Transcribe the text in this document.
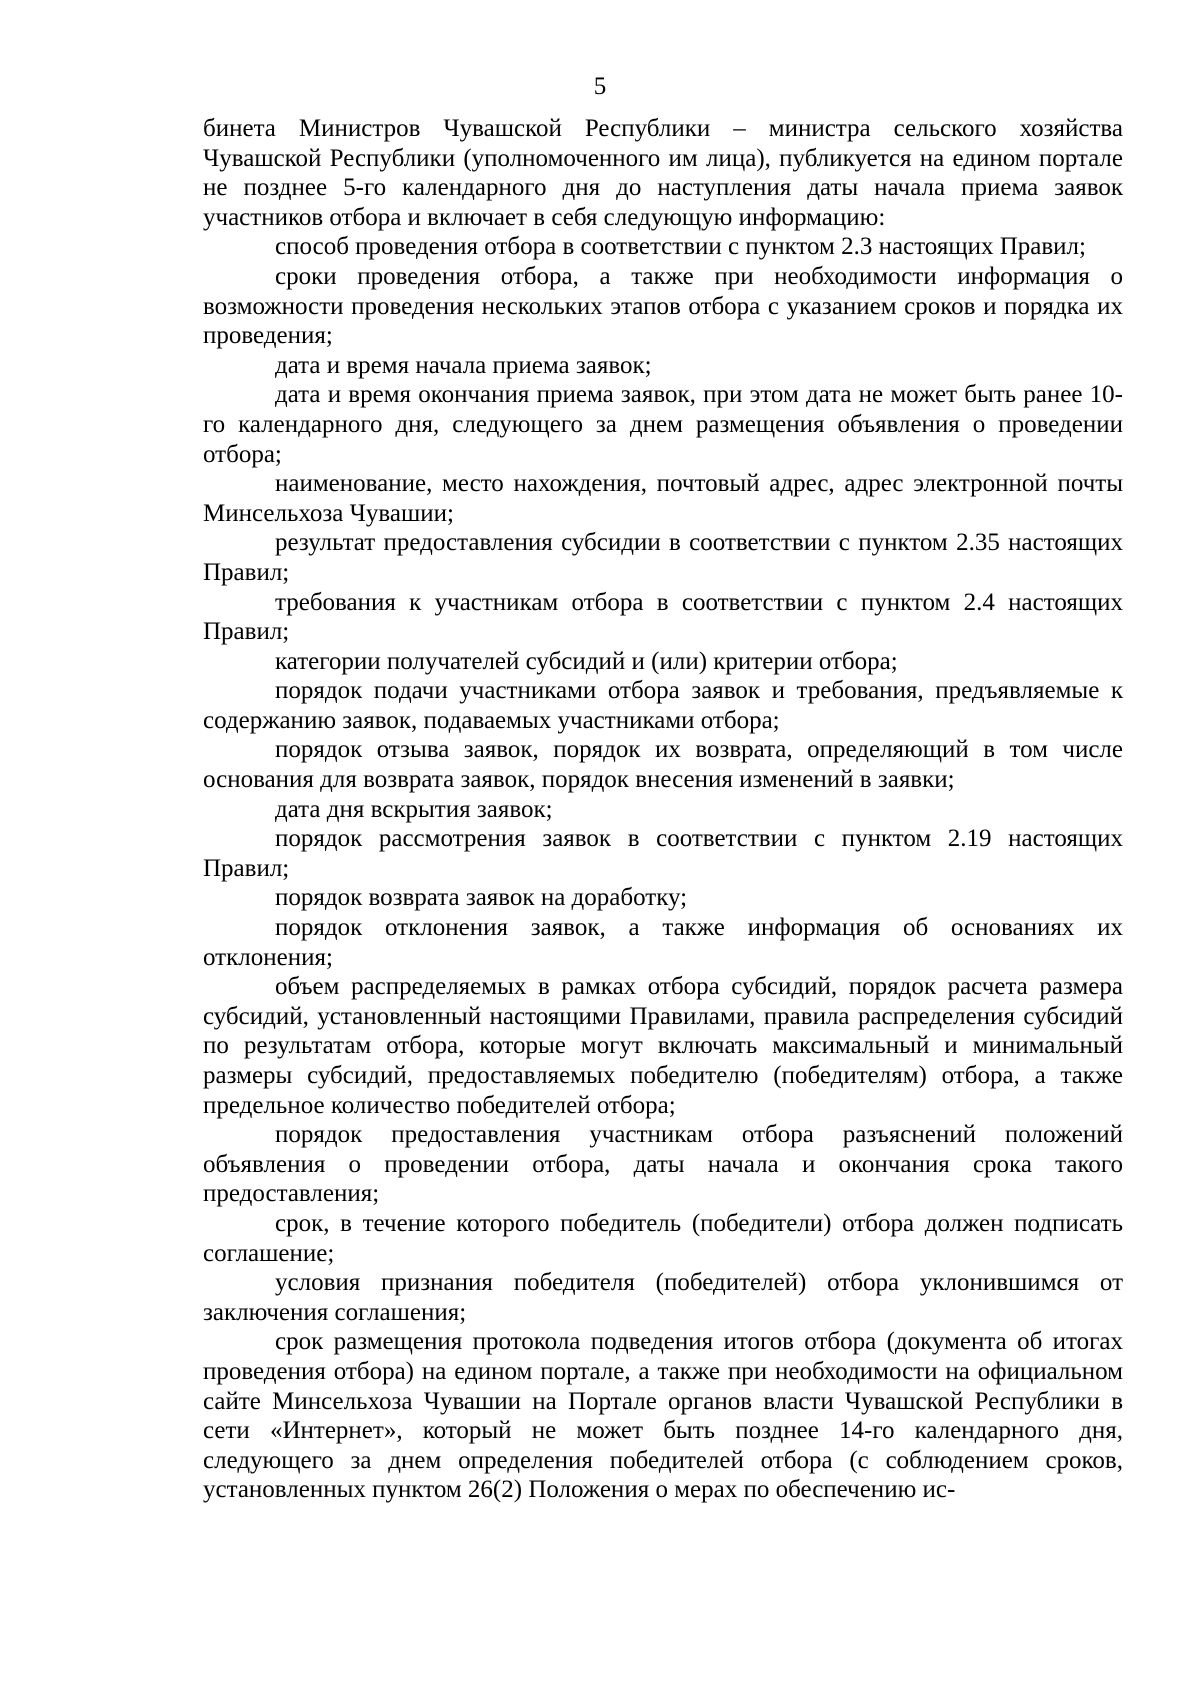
5

бинета Министров Чувашской Республики – министра сельского хозяйства Чувашской Республики (уполномоченного им лица), публикуется на едином портале не позднее 5-го календарного дня до наступления даты начала приема заявок участников отбора и включает в себя следующую информацию:

способ проведения отбора в соответствии с пунктом 2.3 настоящих Правил;

сроки проведения отбора, а также при необходимости информация о возможности проведения нескольких этапов отбора с указанием сроков и порядка их проведения;

дата и время начала приема заявок;

дата и время окончания приема заявок, при этом дата не может быть ранее 10-го календарного дня, следующего за днем размещения объявления о проведении отбора;

наименование, место нахождения, почтовый адрес, адрес электронной почты Минсельхоза Чувашии;

результат предоставления субсидии в соответствии с пунктом 2.35 настоящих Правил;

требования к участникам отбора в соответствии с пунктом 2.4 настоящих Правил;

категории получателей субсидий и (или) критерии отбора;

порядок подачи участниками отбора заявок и требования, предъявляемые к содержанию заявок, подаваемых участниками отбора;

порядок отзыва заявок, порядок их возврата, определяющий в том числе основания для возврата заявок, порядок внесения изменений в заявки;

дата дня вскрытия заявок;

порядок рассмотрения заявок в соответствии с пунктом 2.19 настоящих Правил;

порядок возврата заявок на доработку;

порядок отклонения заявок, а также информация об основаниях их отклонения;

объем распределяемых в рамках отбора субсидий, порядок расчета размера субсидий, установленный настоящими Правилами, правила распределения субсидий по результатам отбора, которые могут включать максимальный и минимальный размеры субсидий, предоставляемых победителю (победителям) отбора, а также предельное количество победителей отбора;

порядок предоставления участникам отбора разъяснений положений объявления о проведении отбора, даты начала и окончания срока такого предоставления;

срок, в течение которого победитель (победители) отбора должен подписать соглашение;

условия признания победителя (победителей) отбора уклонившимся от заключения соглашения;

срок размещения протокола подведения итогов отбора (документа об итогах проведения отбора) на едином портале, а также при необходимости на официальном сайте Минсельхоза Чувашии на Портале органов власти Чувашской Республики в сети «Интернет», который не может быть позднее 14-го календарного дня, следующего за днем определения победителей отбора (с соблюдением сроков, установленных пунктом 26(2) Положения о мерах по обеспечению ис-
